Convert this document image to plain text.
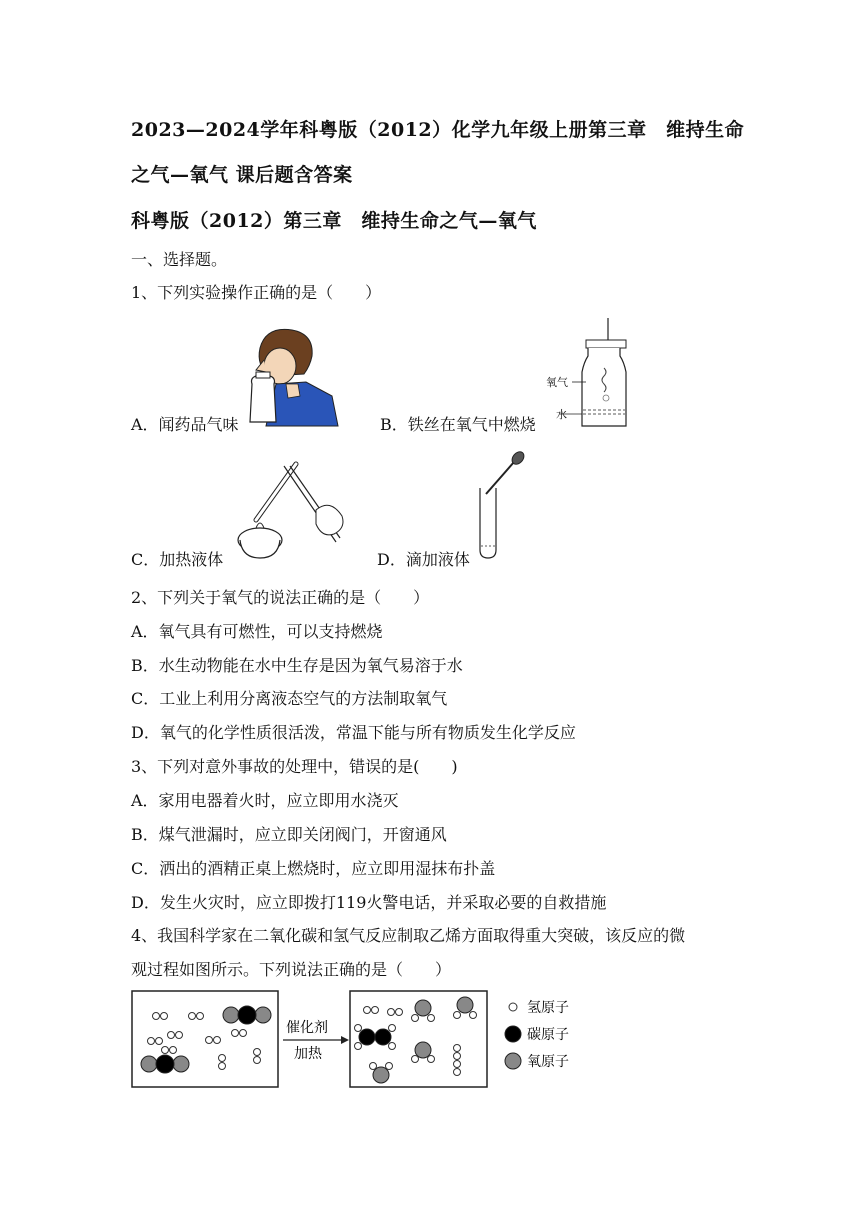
2023—2024学年科粤版（2012）化学九年级上册第三章　维持生命
之气—氧气 课后题含答案
科粤版（2012）第三章　维持生命之气—氧气
一、选择题。
1、下列实验操作正确的是（　　）
A．闻药品气味	B．铁丝在氧气中燃烧
氧气
水
C．加热液体	D．滴加液体
2、下列关于氧气的说法正确的是（　　）
A．氧气具有可燃性，可以支持燃烧
B．水生动物能在水中生存是因为氧气易溶于水
C．工业上利用分离液态空气的方法制取氧气
D．氧气的化学性质很活泼，常温下能与所有物质发生化学反应
3、下列对意外事故的处理中，错误的是(　　)
A．家用电器着火时，应立即用水浇灭
B．煤气泄漏时，应立即关闭阀门，开窗通风
C．洒出的酒精正桌上燃烧时，应立即用湿抹布扑盖
D．发生火灾时，应立即拨打119火警电话，并采取必要的自救措施
4、我国科学家在二氧化碳和氢气反应制取乙烯方面取得重大突破，该反应的微
观过程如图所示。下列说法正确的是（　　）
催化剂
加热
氢原子
碳原子
氧原子
